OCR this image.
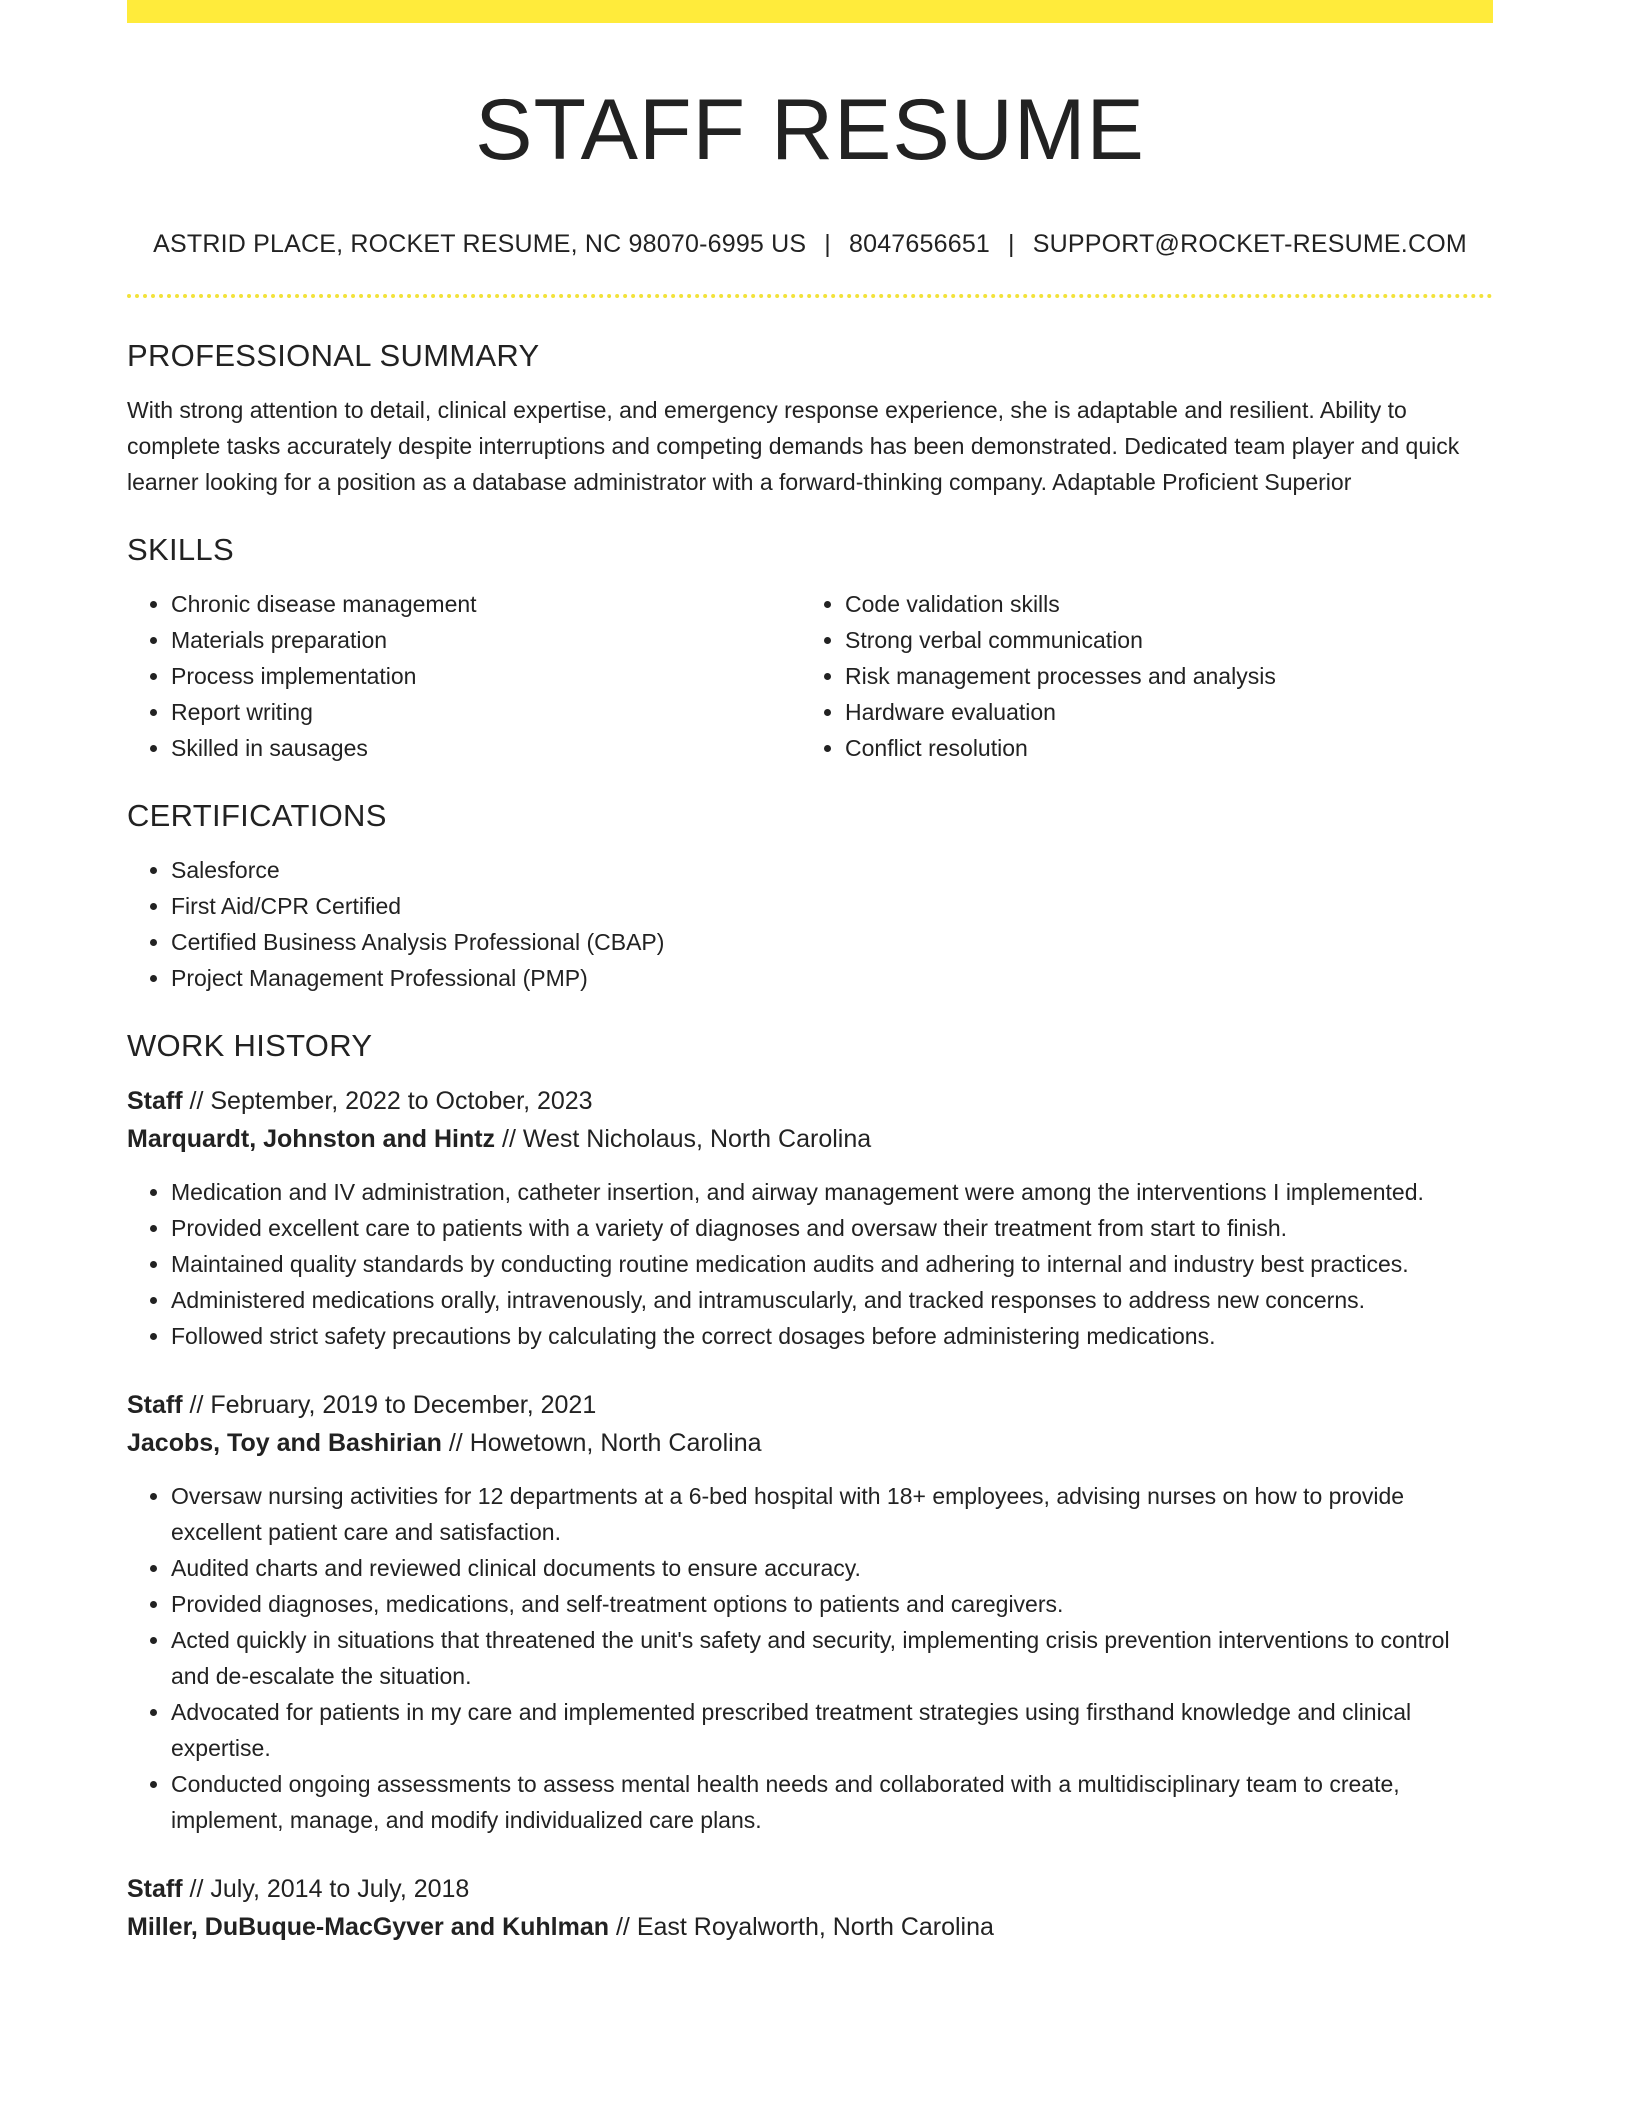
STAFF RESUME
ASTRID PLACE, ROCKET RESUME, NC 98070-6995 US | 8047656651 | SUPPORT@ROCKET-RESUME.COM
PROFESSIONAL SUMMARY

With strong attention to detail, clinical expertise, and emergency response experience, she is adaptable and resilient. Ability to complete tasks accurately despite interruptions and competing demands has been demonstrated. Dedicated team player and quick learner looking for a position as a database administrator with a forward-thinking company. Adaptable Proficient Superior

SKILLS
• Chronic disease management
• Materials preparation
• Process implementation
• Report writing
• Skilled in sausages
• Code validation skills
• Strong verbal communication
• Risk management processes and analysis
• Hardware evaluation
• Conflict resolution
CERTIFICATIONS
• Salesforce
• First Aid/CPR Certified
• Certified Business Analysis Professional (CBAP)
• Project Management Professional (PMP)
WORK HISTORY
Staff // September, 2022 to October, 2023
Marquardt, Johnston and Hintz // West Nicholaus, North Carolina
• Medication and IV administration, catheter insertion, and airway management were among the interventions I implemented.
• Provided excellent care to patients with a variety of diagnoses and oversaw their treatment from start to finish.
• Maintained quality standards by conducting routine medication audits and adhering to internal and industry best practices.
• Administered medications orally, intravenously, and intramuscularly, and tracked responses to address new concerns.
• Followed strict safety precautions by calculating the correct dosages before administering medications.
Staff // February, 2019 to December, 2021
Jacobs, Toy and Bashirian // Howetown, North Carolina
• Oversaw nursing activities for 12 departments at a 6-bed hospital with 18+ employees, advising nurses on how to provide excellent patient care and satisfaction.
• Audited charts and reviewed clinical documents to ensure accuracy.
• Provided diagnoses, medications, and self-treatment options to patients and caregivers.
• Acted quickly in situations that threatened the unit's safety and security, implementing crisis prevention interventions to control and de-escalate the situation.
• Advocated for patients in my care and implemented prescribed treatment strategies using firsthand knowledge and clinical expertise.
• Conducted ongoing assessments to assess mental health needs and collaborated with a multidisciplinary team to create, implement, manage, and modify individualized care plans.
Staff // July, 2014 to July, 2018
Miller, DuBuque-MacGyver and Kuhlman // East Royalworth, North Carolina
